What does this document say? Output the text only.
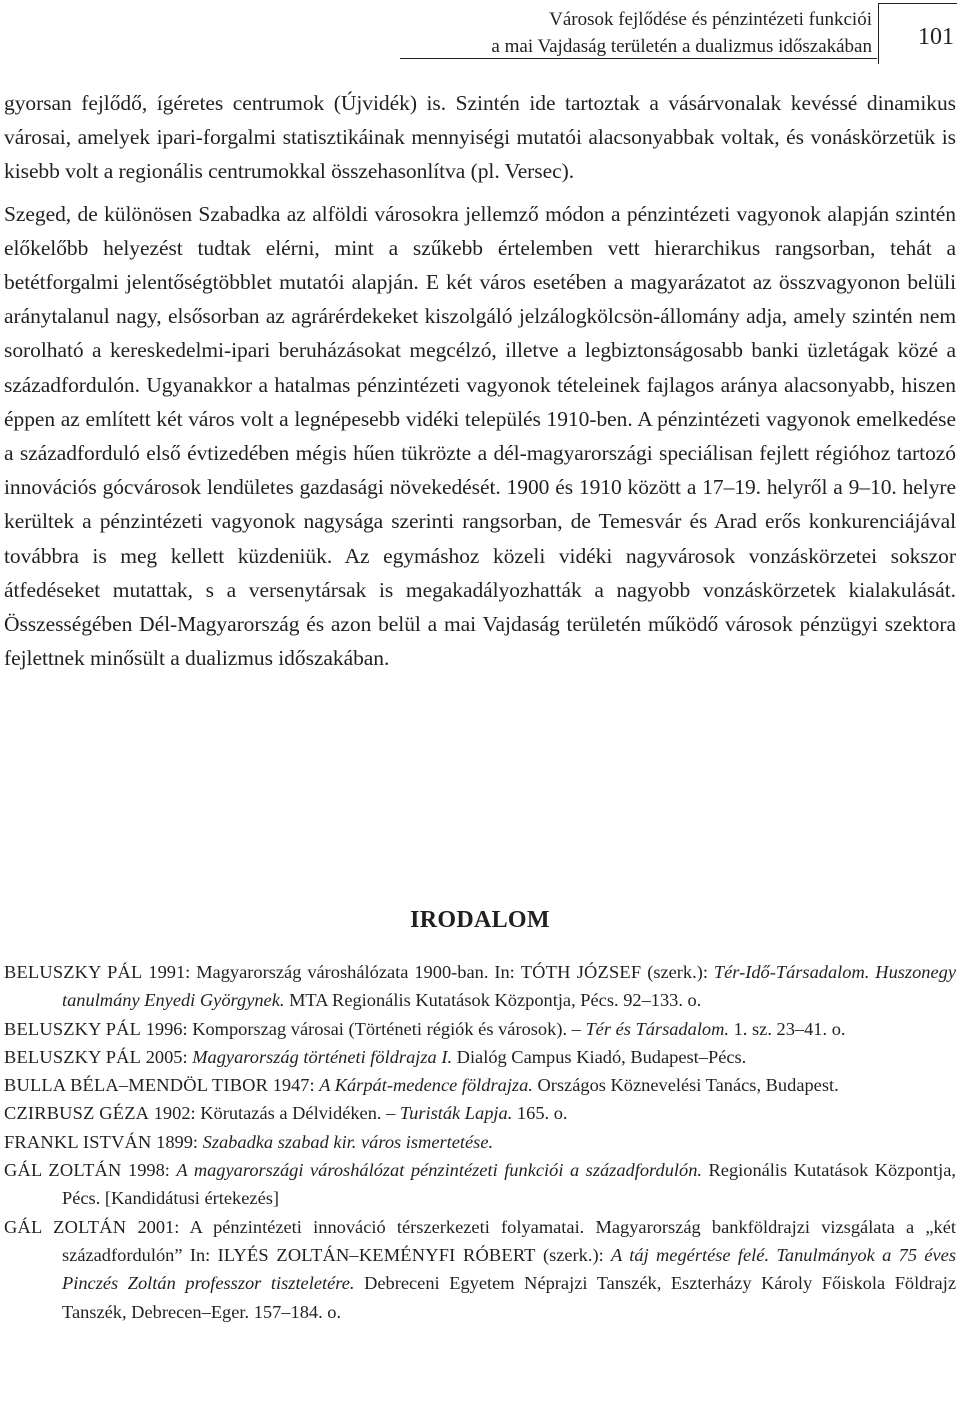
Városok fejlődése és pénzintézeti funkciói
a mai Vajdaság területén a dualizmus időszakában 101

gyorsan fejlődő, ígéretes centrumok (Újvidék) is. Szintén ide tartoztak a vásárvonalak kevéssé dinamikus városai, amelyek ipari-forgalmi statisztikáinak mennyiségi mutatói alacsonyabbak voltak, és vonáskörzetük is kisebb volt a regionális centrumokkal összehasonlítva (pl. Versec).

Szeged, de különösen Szabadka az alföldi városokra jellemző módon a pénzintézeti vagyonok alapján szintén előkelőbb helyezést tudtak elérni, mint a szűkebb értelemben vett hierarchikus rangsorban, tehát a betétforgalmi jelentőségtöbblet mutatói alapján. E két város esetében a magyarázatot az összvagyonon belüli aránytalanul nagy, elsősorban az agrárérdekeket kiszolgáló jelzálogkölcsön-állomány adja, amely szintén nem sorolható a kereskedelmi-ipari beruházásokat megcélzó, illetve a legbiztonságosabb banki üzletágak közé a századfordulón. Ugyanakkor a hatalmas pénzintézeti vagyonok tételeinek fajlagos aránya alacsonyabb, hiszen éppen az említett két város volt a legnépesebb vidéki település 1910-ben. A pénzintézeti vagyonok emelkedése a századforduló első évtizedében mégis hűen tükrözte a dél-magyarországi speciálisan fejlett régióhoz tartozó innovációs gócvárosok lendületes gazdasági növekedését. 1900 és 1910 között a 17–19. helyről a 9–10. helyre kerültek a pénzintézeti vagyonok nagysága szerinti rangsorban, de Temesvár és Arad erős konkurenciájával továbbra is meg kellett küzdeniük. Az egymáshoz közeli vidéki nagyvárosok vonzáskörzetei sokszor átfedéseket mutattak, s a versenytársak is megakadályozhatták a nagyobb vonzáskörzetek kialakulását. Összességében Dél-Magyarország és azon belül a mai Vajdaság területén működő városok pénzügyi szektora fejlettnek minősült a dualizmus időszakában.

IRODALOM

BELUSZKY PÁL 1991: Magyarország városhálózata 1900-ban. In: TÓTH JÓZSEF (szerk.): Tér-Idő-Társadalom. Huszonegy tanulmány Enyedi Györgynek. MTA Regionális Kutatások Központja, Pécs. 92–133. o.

BELUSZKY PÁL 1996: Komporszag városai (Történeti régiók és városok). – Tér és Társadalom. 1. sz. 23–41. o.

BELUSZKY PÁL 2005: Magyarország történeti földrajza I. Dialóg Campus Kiadó, Budapest–Pécs.

BULLA BÉLA–MENDÖL TIBOR 1947: A Kárpát-medence földrajza. Országos Köznevelési Tanács, Budapest.

CZIRBUSZ GÉZA 1902: Körutazás a Délvidéken. – Turisták Lapja. 165. o.

FRANKL ISTVÁN 1899: Szabadka szabad kir. város ismertetése.

GÁL ZOLTÁN 1998: A magyarországi városhálózat pénzintézeti funkciói a századfordulón. Regionális Kutatások Központja, Pécs. [Kandidátusi értekezés]

GÁL ZOLTÁN 2001: A pénzintézeti innováció térszerkezeti folyamatai. Magyarország bankföldrajzi vizsgálata a „két századfordulón” In: ILYÉS ZOLTÁN–KEMÉNYFI RÓBERT (szerk.): A táj megértése felé. Tanulmányok a 75 éves Pinczés Zoltán professzor tiszteletére. Debreceni Egyetem Néprajzi Tanszék, Eszterházy Károly Főiskola Földrajz Tanszék, Debrecen–Eger. 157–184. o.
